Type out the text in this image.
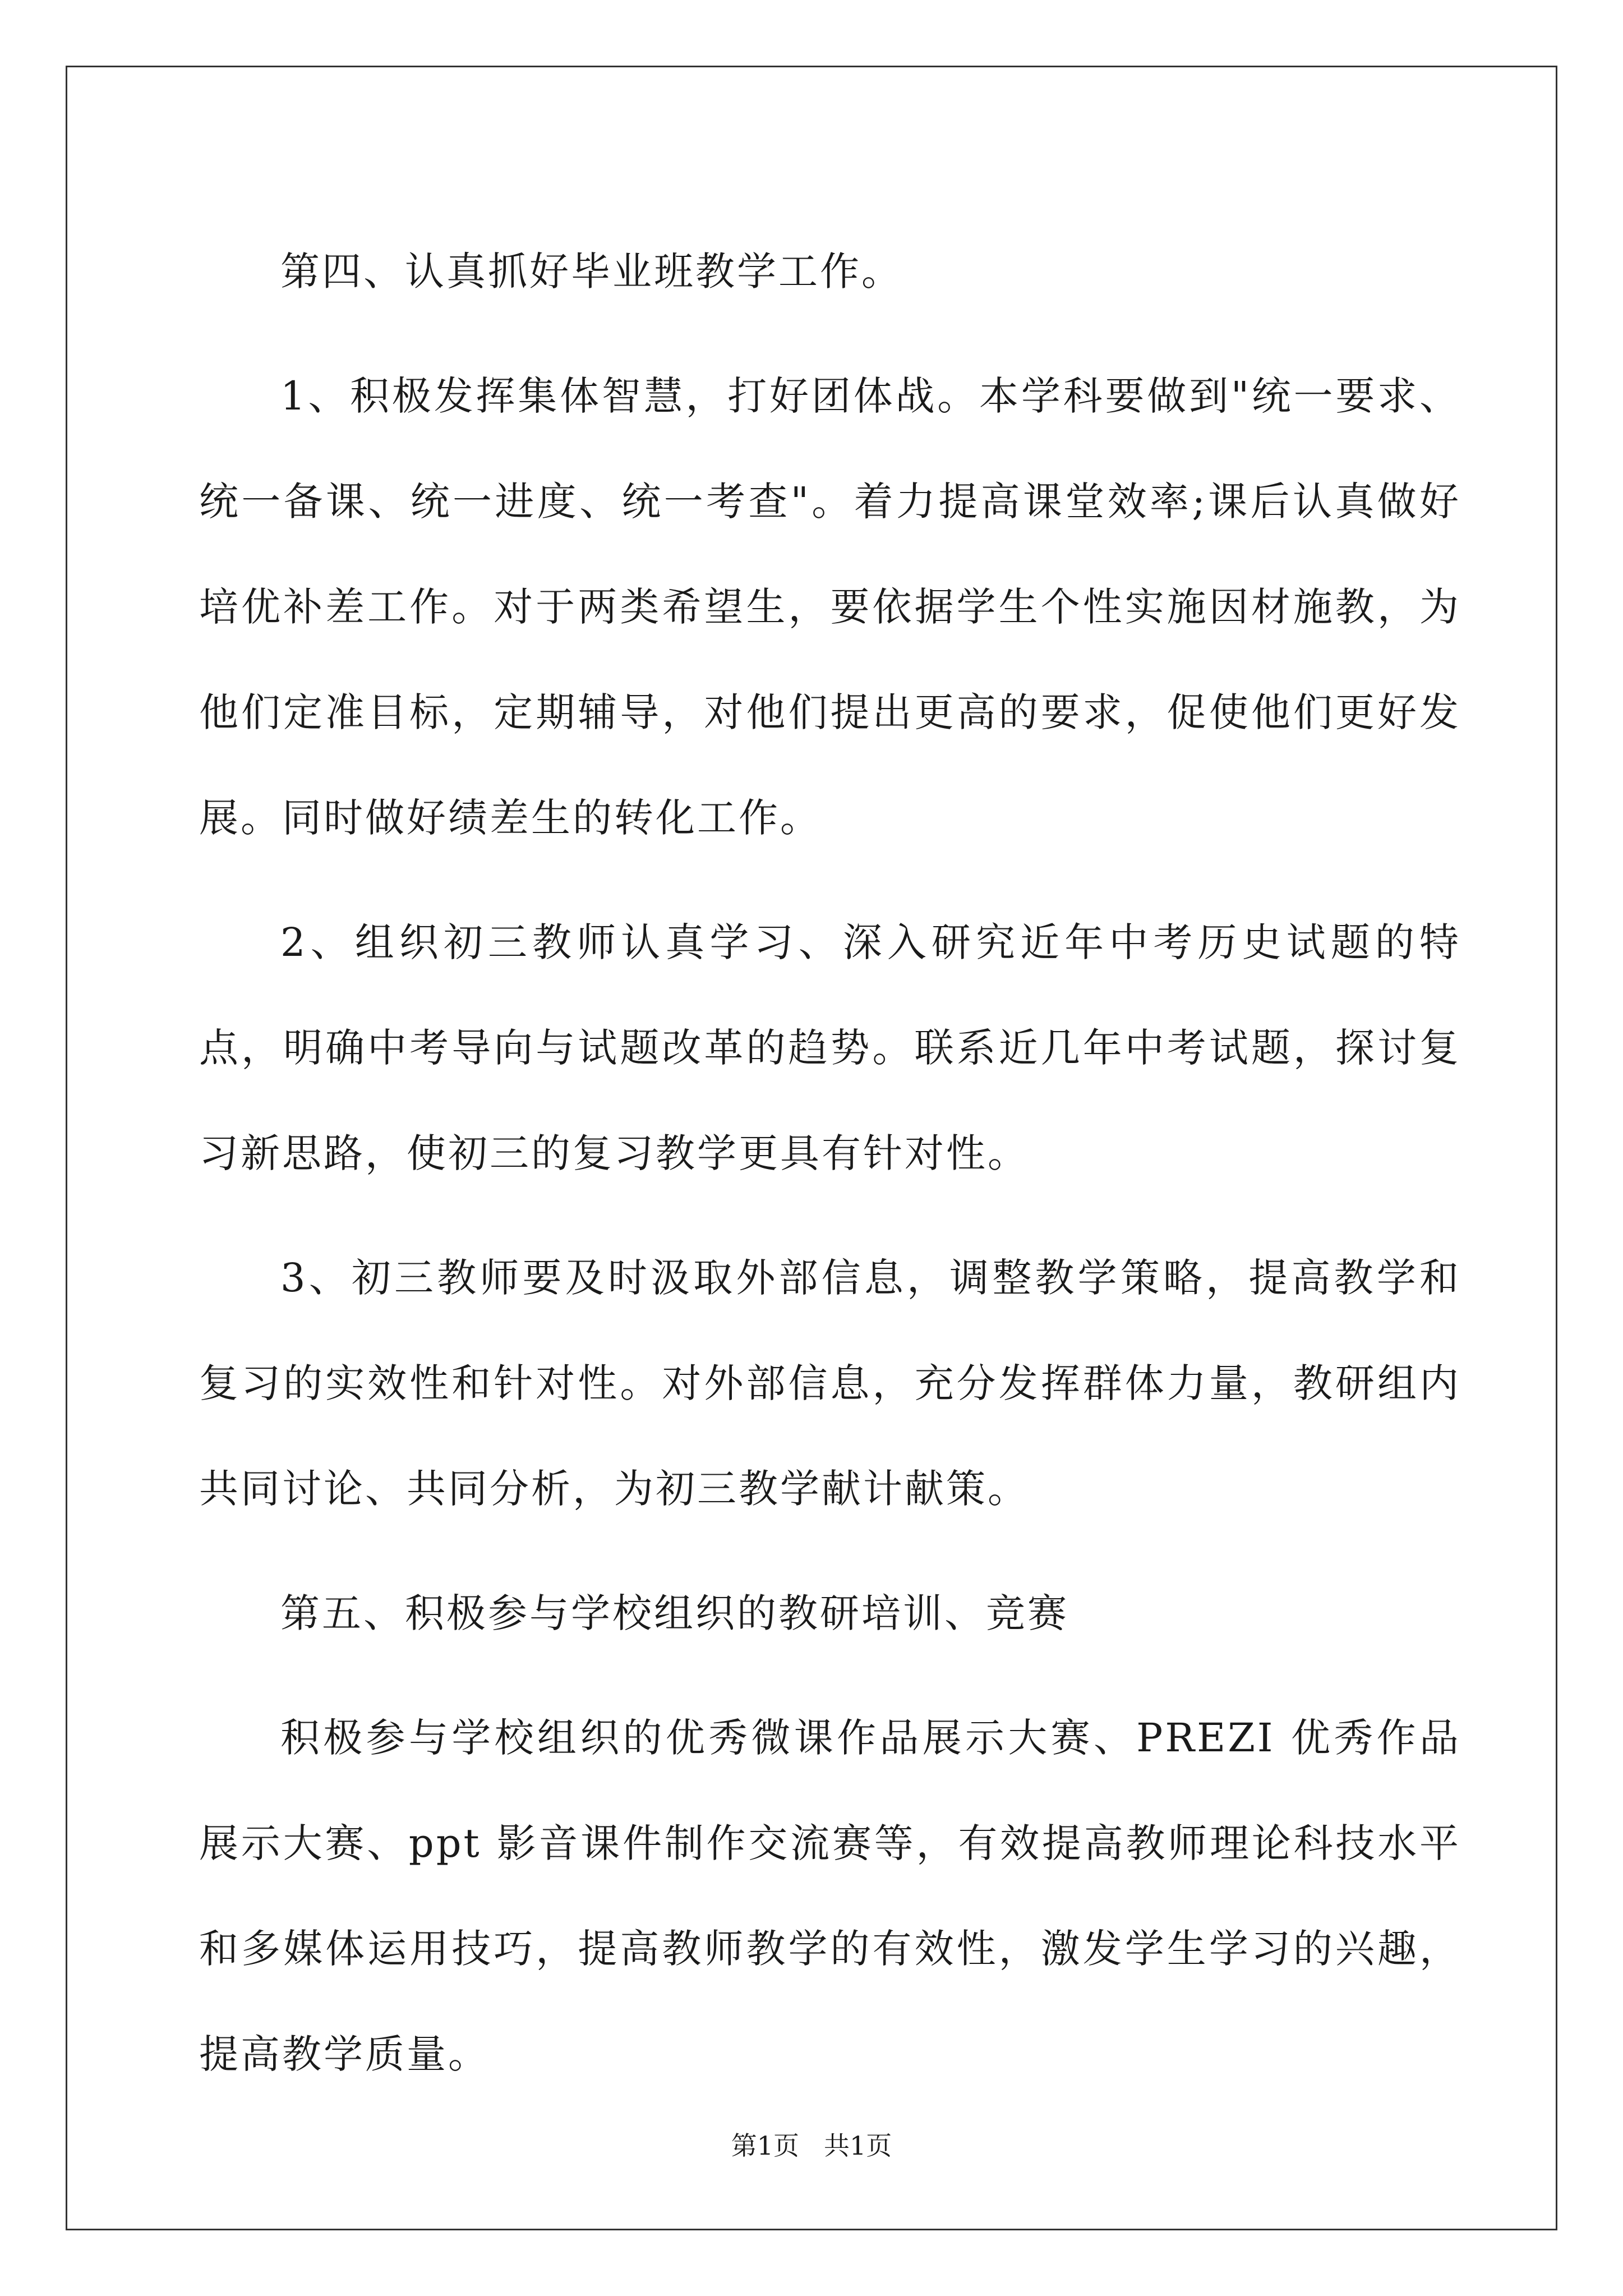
第四、认真抓好毕业班教学工作。

1、积极发挥集体智慧，打好团体战。本学科要做到"统一要求、统一备课、统一进度、统一考查"。着力提高课堂效率;课后认真做好培优补差工作。对于两类希望生，要依据学生个性实施因材施教，为他们定准目标，定期辅导，对他们提出更高的要求，促使他们更好发展。同时做好绩差生的转化工作。

2、组织初三教师认真学习、深入研究近年中考历史试题的特点，明确中考导向与试题改革的趋势。联系近几年中考试题，探讨复习新思路，使初三的复习教学更具有针对性。

3、初三教师要及时汲取外部信息，调整教学策略，提高教学和复习的实效性和针对性。对外部信息，充分发挥群体力量，教研组内共同讨论、共同分析，为初三教学献计献策。

第五、积极参与学校组织的教研培训、竞赛

积极参与学校组织的优秀微课作品展示大赛、PREZI 优秀作品展示大赛、ppt 影音课件制作交流赛等，有效提高教师理论科技水平和多媒体运用技巧，提高教师教学的有效性，激发学生学习的兴趣，提高教学质量。

第1页 共1页
